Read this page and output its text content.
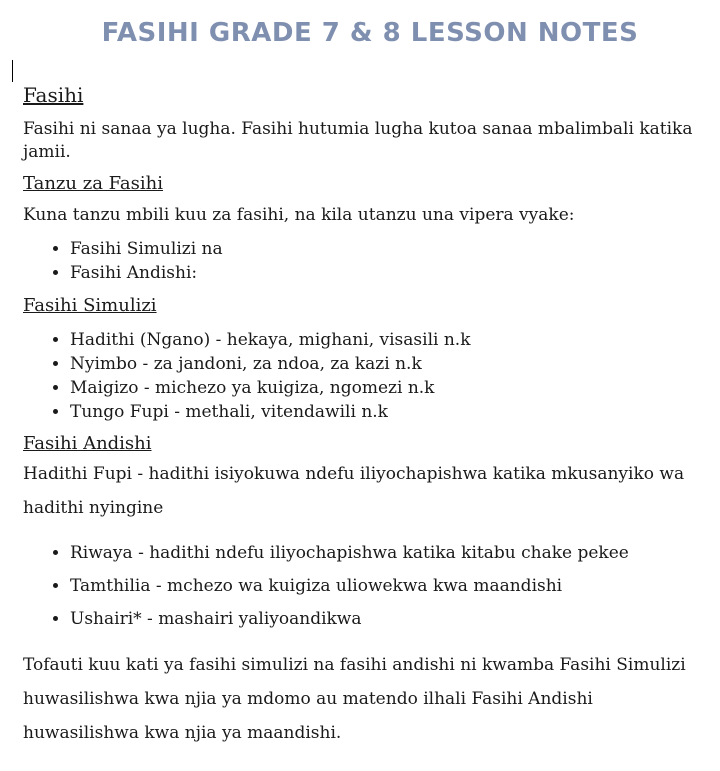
FASIHI GRADE 7 & 8 LESSON NOTES
Fasihi

Fasihi ni sanaa ya lugha. Fasihi hutumia lugha kutoa sanaa mbalimbali katika jamii.

Tanzu za Fasihi

Kuna tanzu mbili kuu za fasihi, na kila utanzu una vipera vyake:

• Fasihi Simulizi na
• Fasihi Andishi:
Fasihi Simulizi
• Hadithi (Ngano) - hekaya, mighani, visasili n.k
• Nyimbo - za jandoni, za ndoa, za kazi n.k
• Maigizo - michezo ya kuigiza, ngomezi n.k
• Tungo Fupi - methali, vitendawili n.k
Fasihi Andishi

Hadithi Fupi - hadithi isiyokuwa ndefu iliyochapishwa katika mkusanyiko wa hadithi nyingine

• Riwaya - hadithi ndefu iliyochapishwa katika kitabu chake pekee
• Tamthilia - mchezo wa kuigiza uliowekwa kwa maandishi
• Ushairi* - mashairi yaliyoandikwa

Tofauti kuu kati ya fasihi simulizi na fasihi andishi ni kwamba Fasihi Simulizi huwasilishwa kwa njia ya mdomo au matendo ilhali Fasihi Andishi huwasilishwa kwa njia ya maandishi.
